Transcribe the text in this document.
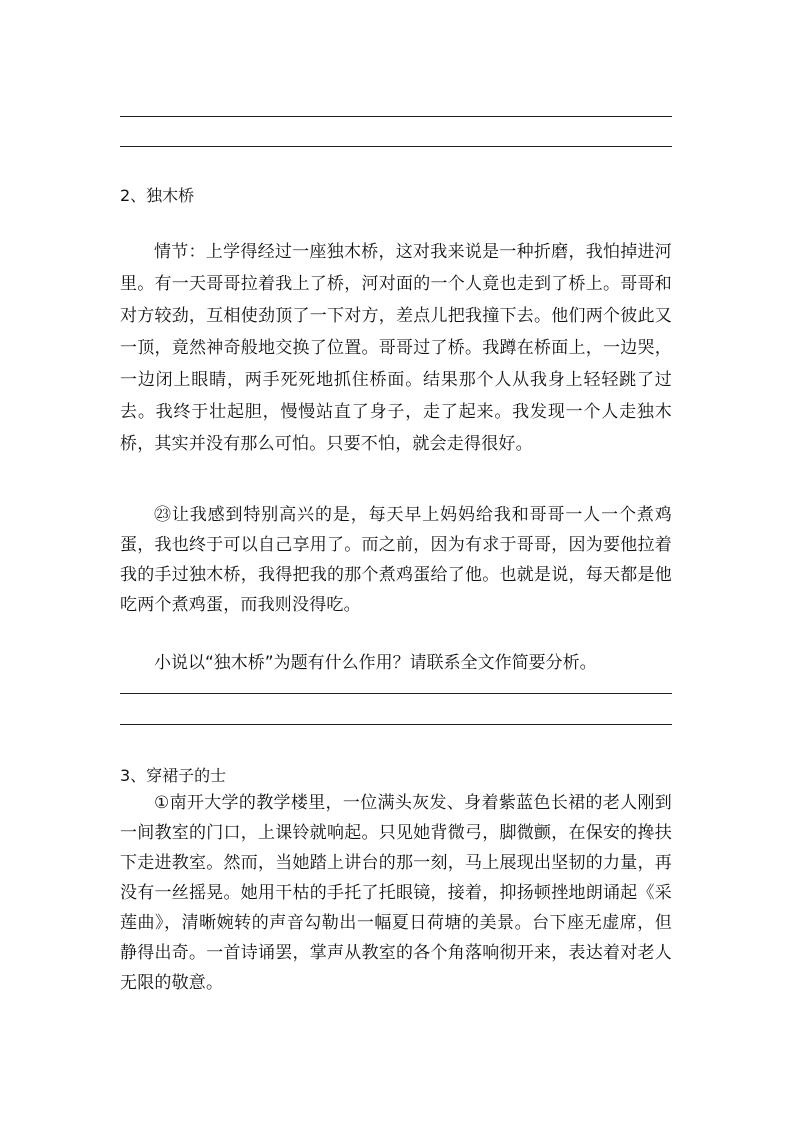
2、独木桥
情节：上学得经过一座独木桥，这对我来说是一种折磨，我怕掉进河里。有一天哥哥拉着我上了桥，河对面的一个人竟也走到了桥上。哥哥和对方较劲，互相使劲顶了一下对方，差点儿把我撞下去。他们两个彼此又一顶，竟然神奇般地交换了位置。哥哥过了桥。我蹲在桥面上，一边哭，一边闭上眼睛，两手死死地抓住桥面。结果那个人从我身上轻轻跳了过去。我终于壮起胆，慢慢站直了身子，走了起来。我发现一个人走独木桥，其实并没有那么可怕。只要不怕，就会走得很好。
㉓让我感到特别高兴的是，每天早上妈妈给我和哥哥一人一个煮鸡蛋，我也终于可以自己享用了。而之前，因为有求于哥哥，因为要他拉着我的手过独木桥，我得把我的那个煮鸡蛋给了他。也就是说，每天都是他吃两个煮鸡蛋，而我则没得吃。
小说以“独木桥”为题有什么作用？请联系全文作简要分析。
3、穿裙子的士
①南开大学的教学楼里，一位满头灰发、身着紫蓝色长裙的老人刚到一间教室的门口，上课铃就响起。只见她背微弓，脚微颤，在保安的搀扶下走进教室。然而，当她踏上讲台的那一刻，马上展现出坚韧的力量，再没有一丝摇晃。她用干枯的手托了托眼镜，接着，抑扬顿挫地朗诵起《采莲曲》，清晰婉转的声音勾勒出一幅夏日荷塘的美景。台下座无虚席，但静得出奇。一首诗诵罢，掌声从教室的各个角落响彻开来，表达着对老人无限的敬意。
